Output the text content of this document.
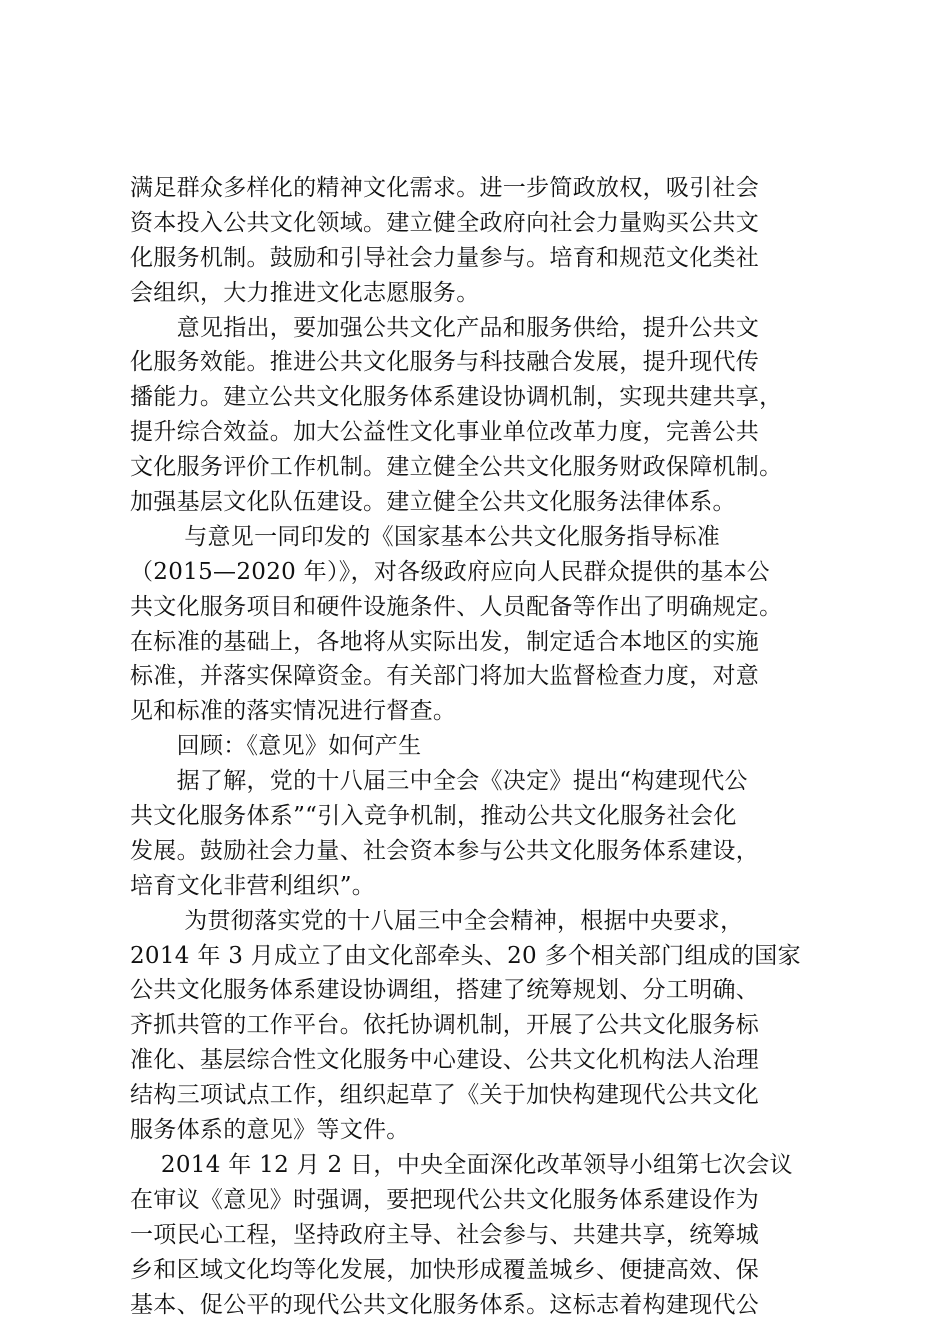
满足群众多样化的精神文化需求。进一步简政放权，吸引社会
资本投入公共文化领域。建立健全政府向社会力量购买公共文
化服务机制。鼓励和引导社会力量参与。培育和规范文化类社
会组织，大力推进文化志愿服务。
　　意见指出，要加强公共文化产品和服务供给，提升公共文
化服务效能。推进公共文化服务与科技融合发展，提升现代传
播能力。建立公共文化服务体系建设协调机制，实现共建共享，
提升综合效益。加大公益性文化事业单位改革力度，完善公共
文化服务评价工作机制。建立健全公共文化服务财政保障机制。
加强基层文化队伍建设。建立健全公共文化服务法律体系。
　　 与意见一同印发的《国家基本公共文化服务指导标准
（2015—2020 年）》，对各级政府应向人民群众提供的基本公
共文化服务项目和硬件设施条件、人员配备等作出了明确规定。
在标准的基础上，各地将从实际出发，制定适合本地区的实施
标准，并落实保障资金。有关部门将加大监督检查力度，对意
见和标准的落实情况进行督查。
　　回顾：《意见》如何产生
　　据了解，党的十八届三中全会《决定》提出“构建现代公
共文化服务体系”“引入竞争机制，推动公共文化服务社会化
发展。鼓励社会力量、社会资本参与公共文化服务体系建设，
培育文化非营利组织”。
　　 为贯彻落实党的十八届三中全会精神，根据中央要求，
2014 年 3 月成立了由文化部牵头、20 多个相关部门组成的国家
公共文化服务体系建设协调组，搭建了统筹规划、分工明确、
齐抓共管的工作平台。依托协调机制，开展了公共文化服务标
准化、基层综合性文化服务中心建设、公共文化机构法人治理
结构三项试点工作，组织起草了《关于加快构建现代公共文化
服务体系的意见》等文件。
　 2014 年 12 月 2 日，中央全面深化改革领导小组第七次会议
在审议《意见》时强调，要把现代公共文化服务体系建设作为
一项民心工程，坚持政府主导、社会参与、共建共享，统筹城
乡和区域文化均等化发展，加快形成覆盖城乡、便捷高效、保
基本、促公平的现代公共文化服务体系。这标志着构建现代公
